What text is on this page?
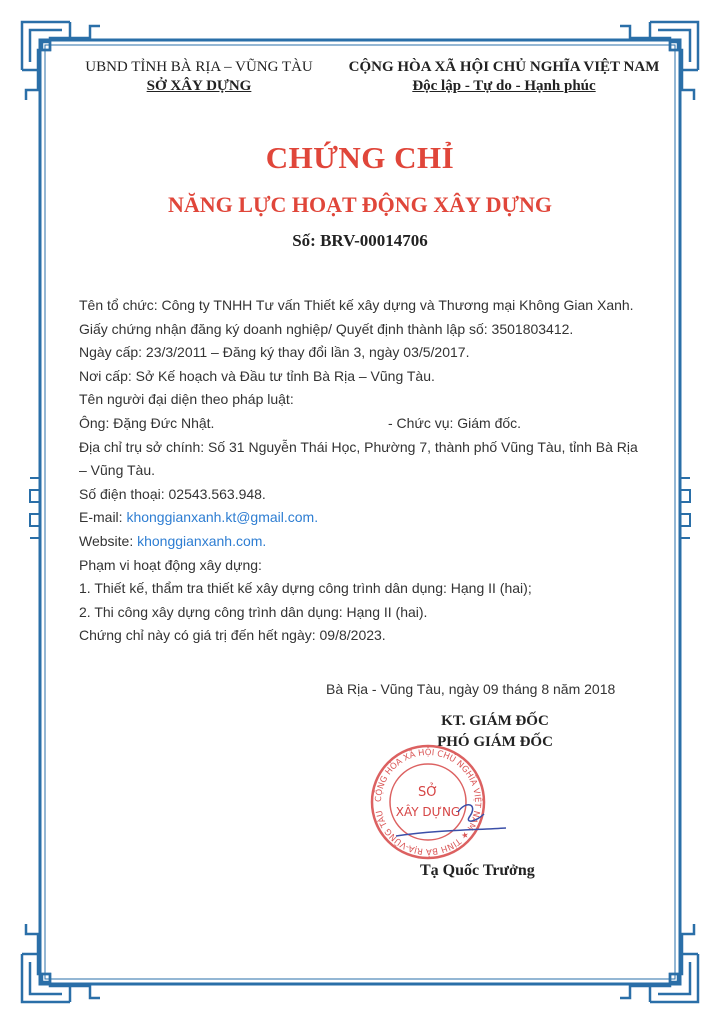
UBND TỈNH BÀ RỊA – VŨNG TÀU
SỞ XÂY DỰNG
CỘNG HÒA XÃ HỘI CHỦ NGHĨA VIỆT NAM
Độc lập - Tự do - Hạnh phúc
CHỨNG CHỈ
NĂNG LỰC HOẠT ĐỘNG XÂY DỰNG
Số: BRV-00014706
Tên tổ chức: Công ty TNHH Tư vấn Thiết kế xây dựng và Thương mại Không Gian Xanh.
Giấy chứng nhận đăng ký doanh nghiệp/ Quyết định thành lập số: 3501803412.
Ngày cấp: 23/3/2011 – Đăng ký thay đổi lần 3, ngày 03/5/2017.
Nơi cấp: Sở Kế hoạch và Đầu tư tỉnh Bà Rịa – Vũng Tàu.
Tên người đại diện theo pháp luật:
Ông: Đặng Đức Nhật.	- Chức vụ: Giám đốc.
Địa chỉ trụ sở chính: Số 31 Nguyễn Thái Học, Phường 7, thành phố Vũng Tàu, tỉnh Bà Rịa
– Vũng Tàu.
Số điện thoại: 02543.563.948.
E-mail: khonggianxanh.kt@gmail.com.
Website: khonggianxanh.com.
Phạm vi hoạt động xây dựng:
1. Thiết kế, thẩm tra thiết kế xây dựng công trình dân dụng: Hạng II (hai);
2. Thi công xây dựng công trình dân dụng: Hạng II (hai).
Chứng chỉ này có giá trị đến hết ngày: 09/8/2023.
Bà Rịa - Vũng Tàu, ngày 09 tháng 8 năm 2018
KT. GIÁM ĐỐC
PHÓ GIÁM ĐỐC
CỘNG HÒA XÃ HỘI CHỦ NGHĨA VIỆT NAM ★ TỈNH BÀ RỊA-VŨNG TÀU
SỞ
XÂY DỰNG
Tạ Quốc Trưởng
